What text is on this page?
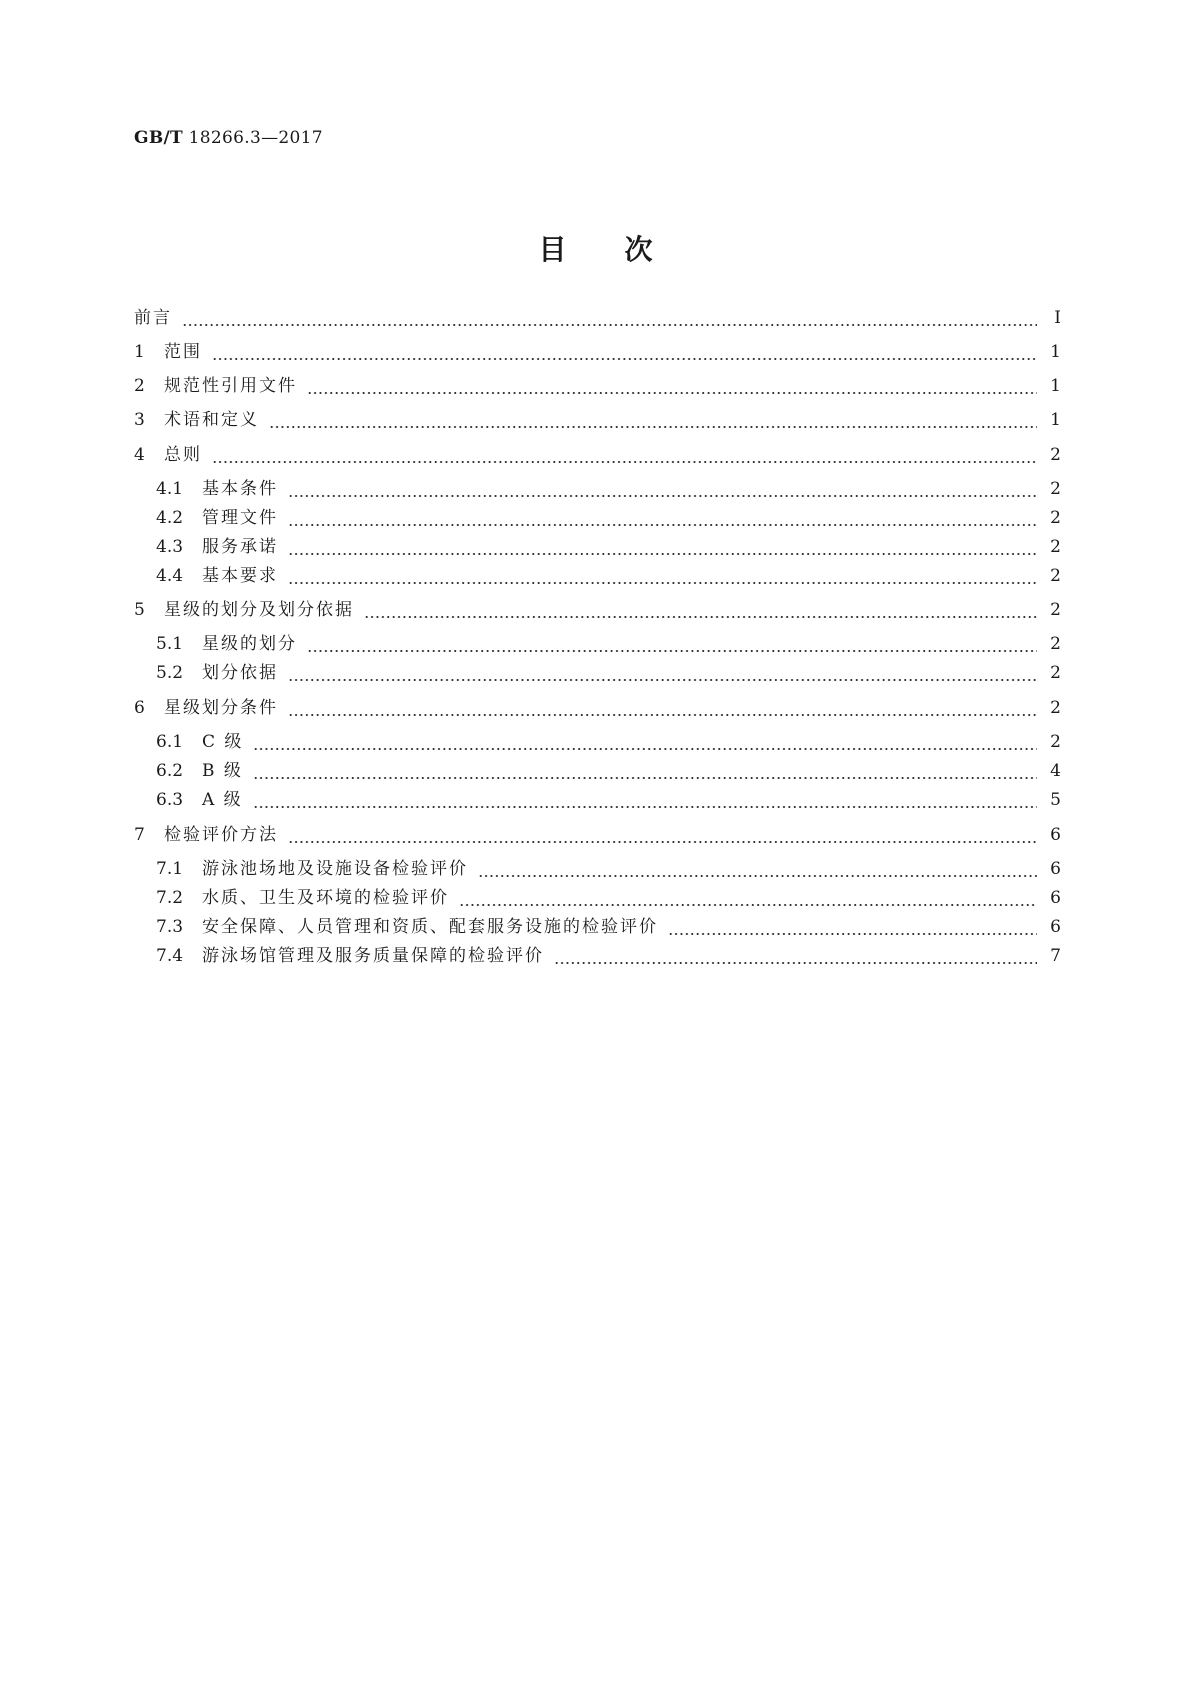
GB/T 18266.3—2017
目次
前言	Ⅰ
1	范围	1
2	规范性引用文件	1
3	术语和定义	1
4	总则	2
4.1	基本条件	2
4.2	管理文件	2
4.3	服务承诺	2
4.4	基本要求	2
5	星级的划分及划分依据	2
5.1	星级的划分	2
5.2	划分依据	2
6	星级划分条件	2
6.1	C 级	2
6.2	B 级	4
6.3	A 级	5
7	检验评价方法	6
7.1	游泳池场地及设施设备检验评价	6
7.2	水质、卫生及环境的检验评价	6
7.3	安全保障、人员管理和资质、配套服务设施的检验评价	6
7.4	游泳场馆管理及服务质量保障的检验评价	7
